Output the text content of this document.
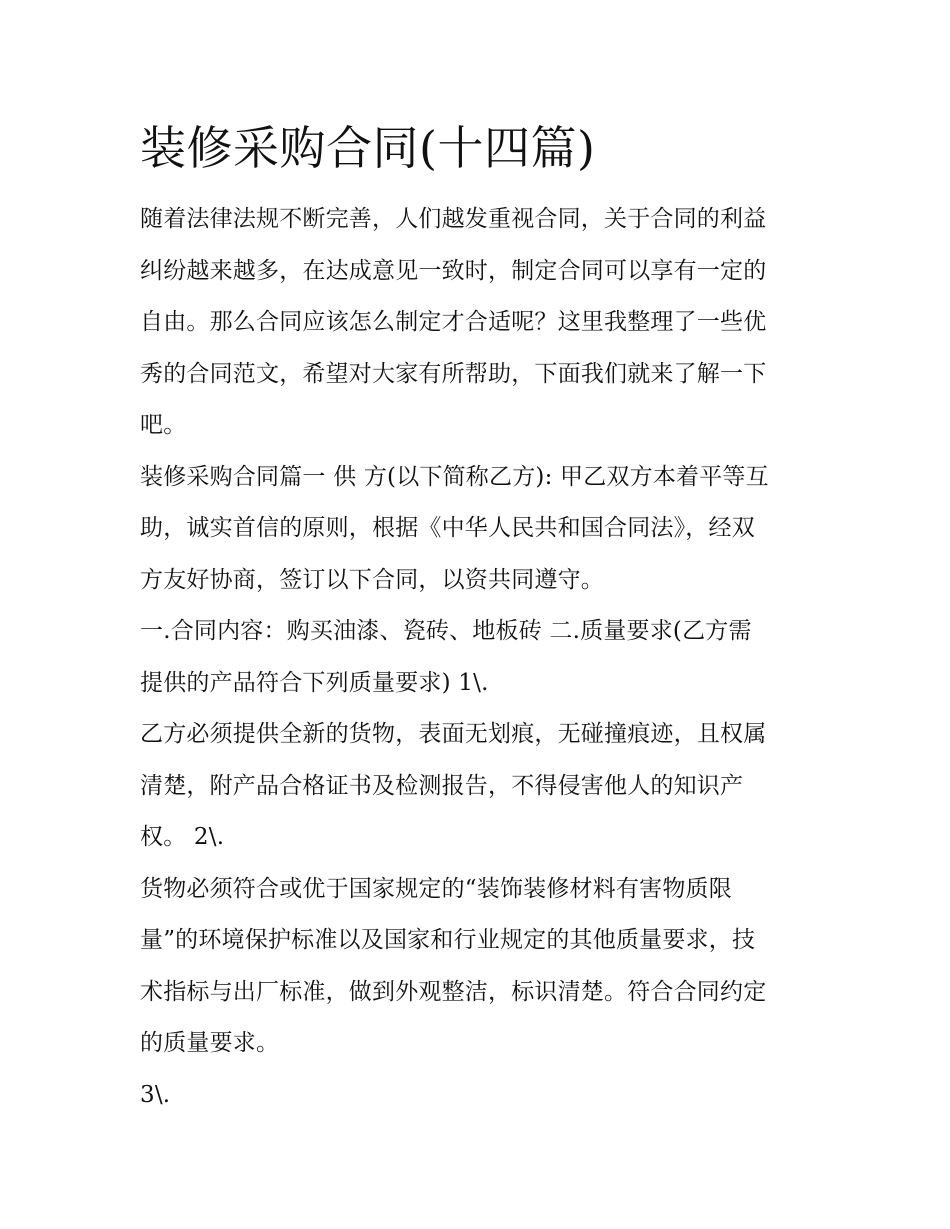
装修采购合同(十四篇)

随着法律法规不断完善，人们越发重视合同，关于合同的利益
纠纷越来越多，在达成意见一致时，制定合同可以享有一定的
自由。那么合同应该怎么制定才合适呢？这里我整理了一些优
秀的合同范文，希望对大家有所帮助，下面我们就来了解一下
吧。

装修采购合同篇一 供 方(以下简称乙方): 甲乙双方本着平等互
助，诚实首信的原则，根据《中华人民共和国合同法》，经双
方友好协商，签订以下合同，以资共同遵守。

一.合同内容：购买油漆、瓷砖、地板砖 二.质量要求(乙方需
提供的产品符合下列质量要求) 1\.

乙方必须提供全新的货物，表面无划痕，无碰撞痕迹，且权属
清楚，附产品合格证书及检测报告，不得侵害他人的知识产
权。 2\.

货物必须符合或优于国家规定的“装饰装修材料有害物质限
量”的环境保护标准以及国家和行业规定的其他质量要求，技
术指标与出厂标准，做到外观整洁，标识清楚。符合合同约定
的质量要求。

3\.
